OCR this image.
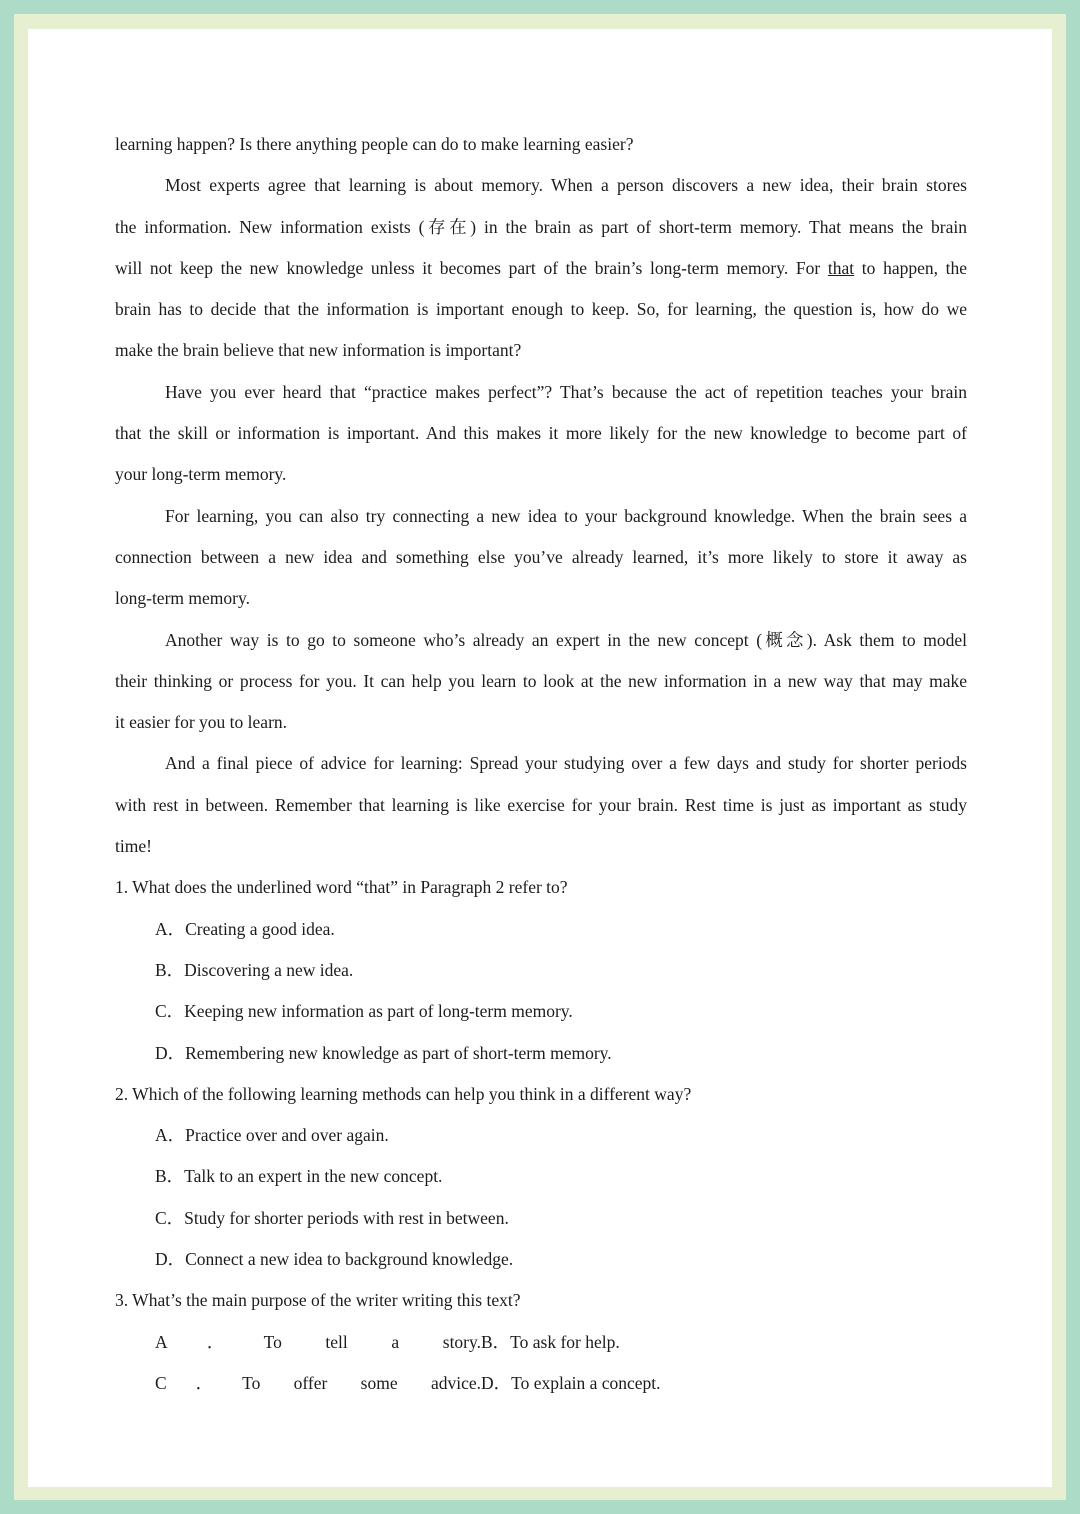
learning happen? Is there anything people can do to make learning easier?
Most experts agree that learning is about memory. When a person discovers a new idea, their brain stores
the information. New information exists (存在) in the brain as part of short-term memory. That means the brain
will not keep the new knowledge unless it becomes part of the brain’s long-term memory. For that to happen, the
brain has to decide that the information is important enough to keep. So, for learning, the question is, how do we
make the brain believe that new information is important?
Have you ever heard that “practice makes perfect”? That’s because the act of repetition teaches your brain
that the skill or information is important. And this makes it more likely for the new knowledge to become part of
your long-term memory.
For learning, you can also try connecting a new idea to your background knowledge. When the brain sees a
connection between a new idea and something else you’ve already learned, it’s more likely to store it away as
long-term memory.
Another way is to go to someone who’s already an expert in the new concept (概念). Ask them to model
their thinking or process for you. It can help you learn to look at the new information in a new way that may make
it easier for you to learn.
And a final piece of advice for learning: Spread your studying over a few days and study for shorter periods
with rest in between. Remember that learning is like exercise for your brain. Rest time is just as important as study
time!
1. What does the underlined word “that” in Paragraph 2 refer to?
A．Creating a good idea.
B．Discovering a new idea.
C．Keeping new information as part of long-term memory.
D．Remembering new knowledge as part of short-term memory.
2. Which of the following learning methods can help you think in a different way?
A．Practice over and over again.
B．Talk to an expert in the new concept.
C．Study for shorter periods with rest in between.
D．Connect a new idea to background knowledge.
3. What’s the main purpose of the writer writing this text?
A．To tell a story. B．To ask for help.
C．To offer some advice. D．To explain a concept.
